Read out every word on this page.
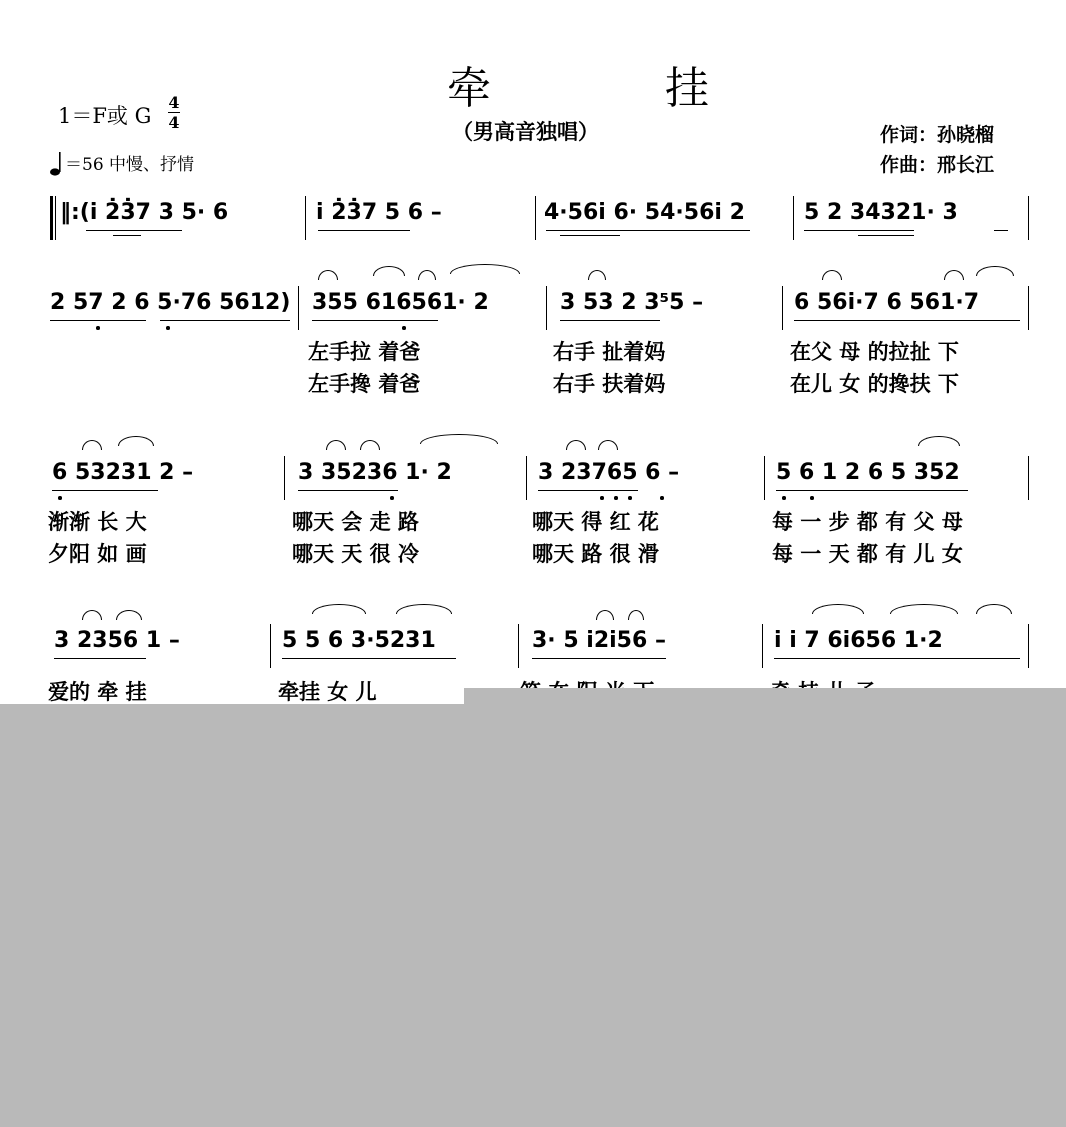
牵 挂
（男高音独唱）
1＝F或 G
4
4
＝56 中慢、抒情
作词：孙晓榴
作曲：邢长江
‖:(i 2̇3̇7 3 5· 6	i 2̇3̇7 5 6 –	4·56i 6· 54·56i 2	5 2 34321· 3
2 57 2 6 5·76 5612) 355 616561· 2	3 53 2 3⁵5 –	6 56i·7 6 561·7
左手拉 着爸	右手 扯着妈	在父 母 的拉扯 下
左手搀 着爸	右手 扶着妈	在儿 女 的搀扶 下
6 53231 2 –	3 35236 1· 2	3 23765 6 –	5 6 1 2 6 5 352
渐渐 长 大	哪天 会 走 路	哪天 得 红 花	每 一 步 都 有 父 母
夕阳 如 画	哪天 天 很 冷	哪天 路 很 滑	每 一 天 都 有 儿 女
3 2356 1 –	5 5 6 3·5231	3· 5 i2i56 –	i i 7 6i656 1·2
爱的 牵 挂	牵挂 女 儿
